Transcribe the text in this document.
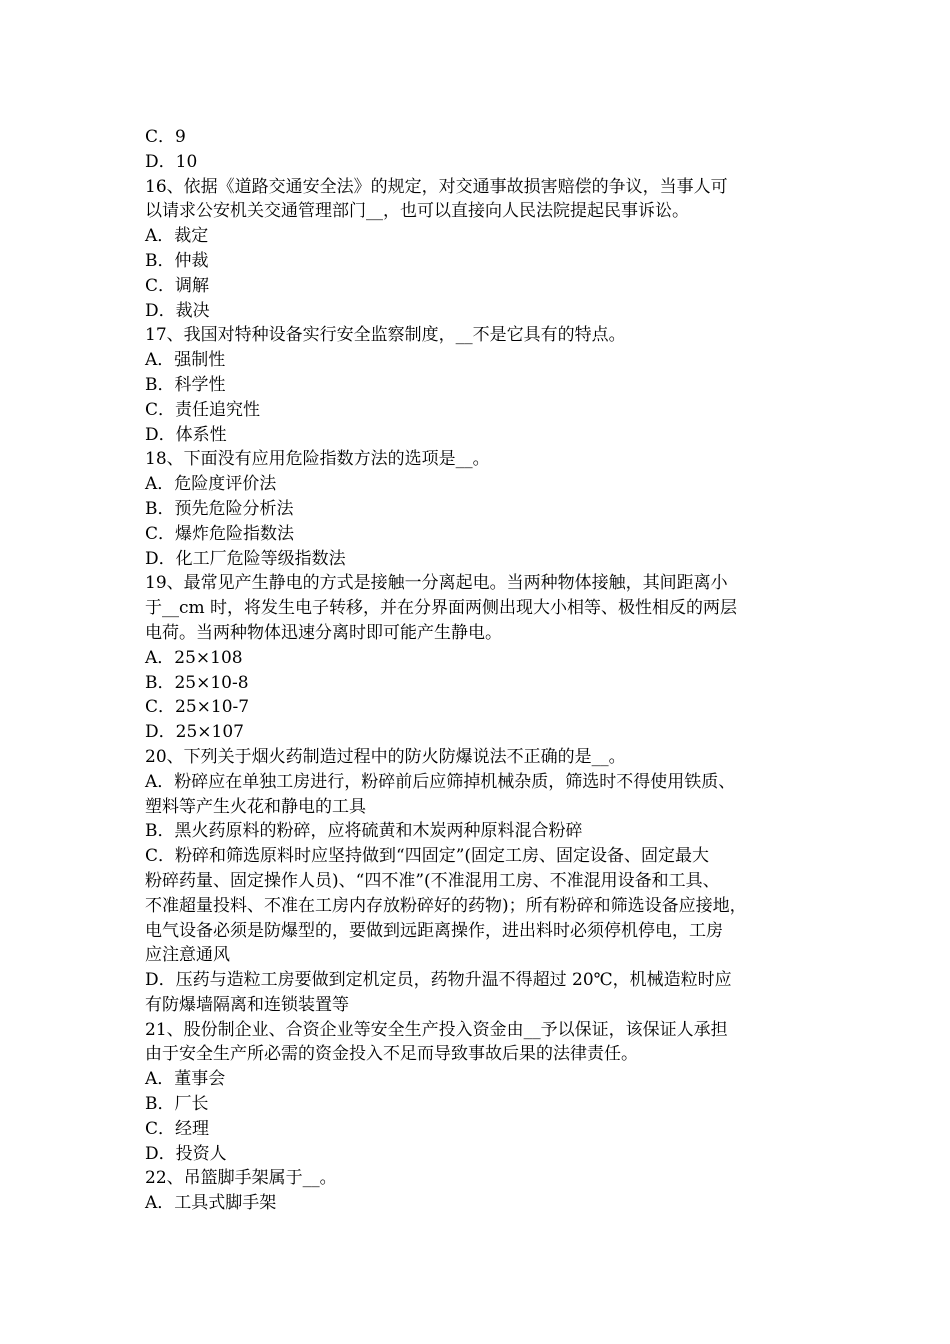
C．9

D．10

16、依据《道路交通安全法》的规定，对交通事故损害赔偿的争议，当事人可

以请求公安机关交通管理部门__，也可以直接向人民法院提起民事诉讼。

A．裁定

B．仲裁

C．调解

D．裁决

17、我国对特种设备实行安全监察制度，__不是它具有的特点。

A．强制性

B．科学性

C．责任追究性

D．体系性

18、下面没有应用危险指数方法的选项是__。

A．危险度评价法

B．预先危险分析法

C．爆炸危险指数法

D．化工厂危险等级指数法

19、最常见产生静电的方式是接触一分离起电。当两种物体接触，其间距离小

于__cm 时，将发生电子转移，并在分界面两侧出现大小相等、极性相反的两层

电荷。当两种物体迅速分离时即可能产生静电。

A．25×108

B．25×10-8

C．25×10-7

D．25×107

20、下列关于烟火药制造过程中的防火防爆说法不正确的是__。

A．粉碎应在单独工房进行，粉碎前后应筛掉机械杂质，筛选时不得使用铁质、

塑料等产生火花和静电的工具

B．黑火药原料的粉碎，应将硫黄和木炭两种原料混合粉碎

C．粉碎和筛选原料时应坚持做到“四固定”(固定工房、固定设备、固定最大

粉碎药量、固定操作人员)、“四不准”(不准混用工房、不准混用设备和工具、

不准超量投料、不准在工房内存放粉碎好的药物)；所有粉碎和筛选设备应接地，

电气设备必须是防爆型的，要做到远距离操作，进出料时必须停机停电，工房

应注意通风

D．压药与造粒工房要做到定机定员，药物升温不得超过 20℃，机械造粒时应

有防爆墙隔离和连锁装置等

21、股份制企业、合资企业等安全生产投入资金由__予以保证，该保证人承担

由于安全生产所必需的资金投入不足而导致事故后果的法律责任。

A．董事会

B．厂长

C．经理

D．投资人

22、吊篮脚手架属于__。

A．工具式脚手架
